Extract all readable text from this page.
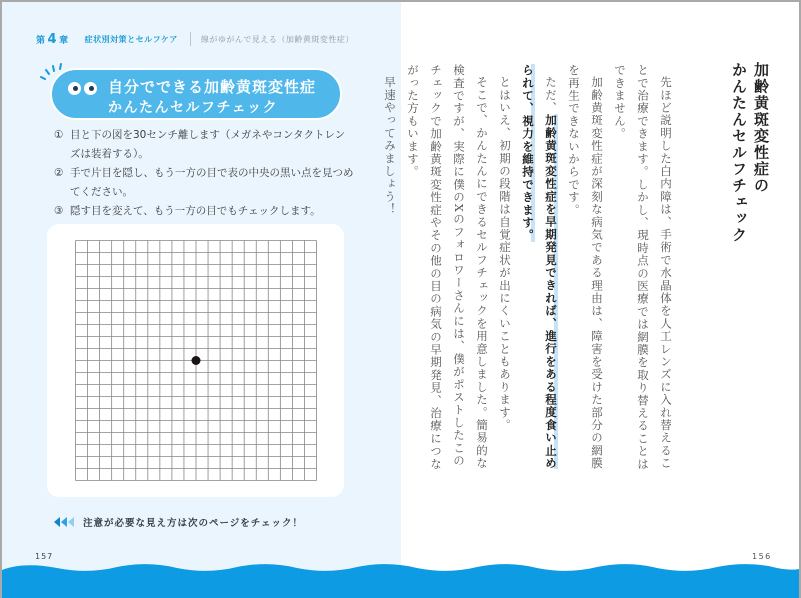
第 4 章 症状別対策とセルフケア	線がゆがんで見える（加齢黄斑変性症）
自分でできる加齢黄斑変性症
かんたんセルフチェック
① 目と下の図を30センチ離します（メガネやコンタクトレンズは装着する）。
② 手で片目を隠し、もう一方の目で表の中央の黒い点を見つめてください。
③ 隠す目を変えて、もう一方の目でもチェックします。
注意が必要な見え方は次のページをチェック！
157	156
加齢黄斑変性症の
かんたんセルフチェック

先ほど説明した白内障は、手術で水晶体を人工レンズに入れ替えることで治療できます。しかし、現時点の医療では網膜を取り替えることはできません。

加齢黄斑変性症が深刻な病気である理由は、障害を受けた部分の網膜を再生できないからです。

ただ、加齢黄斑変性症を早期発見できれば、進行をある程度食い止められて、視力を維持できます。

とはいえ、初期の段階は自覚症状が出にくいこともあります。

そこで、かんたんにできるセルフチェックを用意しました。簡易的な検査ですが、実際に僕のXのフォロワーさんには、僕がポストしたこのチェックで加齢黄斑変性症やその他の目の病気の早期発見、治療につながった方もいます。

早速やってみましょう！
